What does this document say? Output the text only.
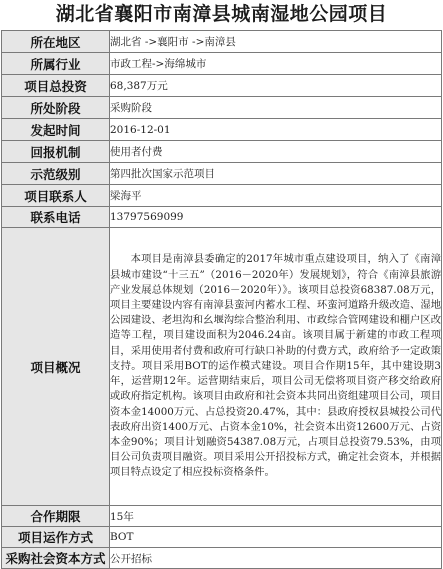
湖北省襄阳市南漳县城南湿地公园项目
所在地区	湖北省 ->襄阳市 ->南漳县
所属行业	市政工程->海绵城市
项目总投资	68,387万元
所处阶段	采购阶段
发起时间	2016-12-01
回报机制	使用者付费
示范级别	第四批次国家示范项目
项目联系人	梁海平
联系电话	13797569099
项目概况	本项目是南漳县委确定的2017年城市重点建设项目，纳入了《南漳县城市建设“十三五”（2016－2020年）发展规划》，符合《南漳县旅游产业发展总体规划（2016－2020年）》。该项目总投资68387.08万元，项目主要建设内容有南漳县蛮河内蓄水工程、环蛮河道路升级改造、湿地公园建设、老坦沟和幺堰沟综合整治利用、市政综合管网建设和棚户区改造等工程，项目建设面积为2046.24亩。该项目属于新建的市政工程项目，采用使用者付费和政府可行缺口补助的付费方式，政府给予一定政策支持。项目采用BOT的运作模式建设。项目合作期15年，其中建设期3年，运营期12年。运营期结束后，项目公司无偿将项目资产移交给政府或政府指定机构。该项目由政府和社会资本共同出资组建项目公司，项目资本金14000万元、占总投资20.47%，其中：县政府授权县城投公司代表政府出资1400万元、占资本金10%，社会资本出资12600万元、占资本金90%；项目计划融资54387.08万元，占项目总投资79.53%，由项目公司负责项目融资。项目采用公开招投标方式，确定社会资本，并根据项目特点设定了相应投标资格条件。
合作期限	15年
项目运作方式	BOT
采购社会资本方式	公开招标
